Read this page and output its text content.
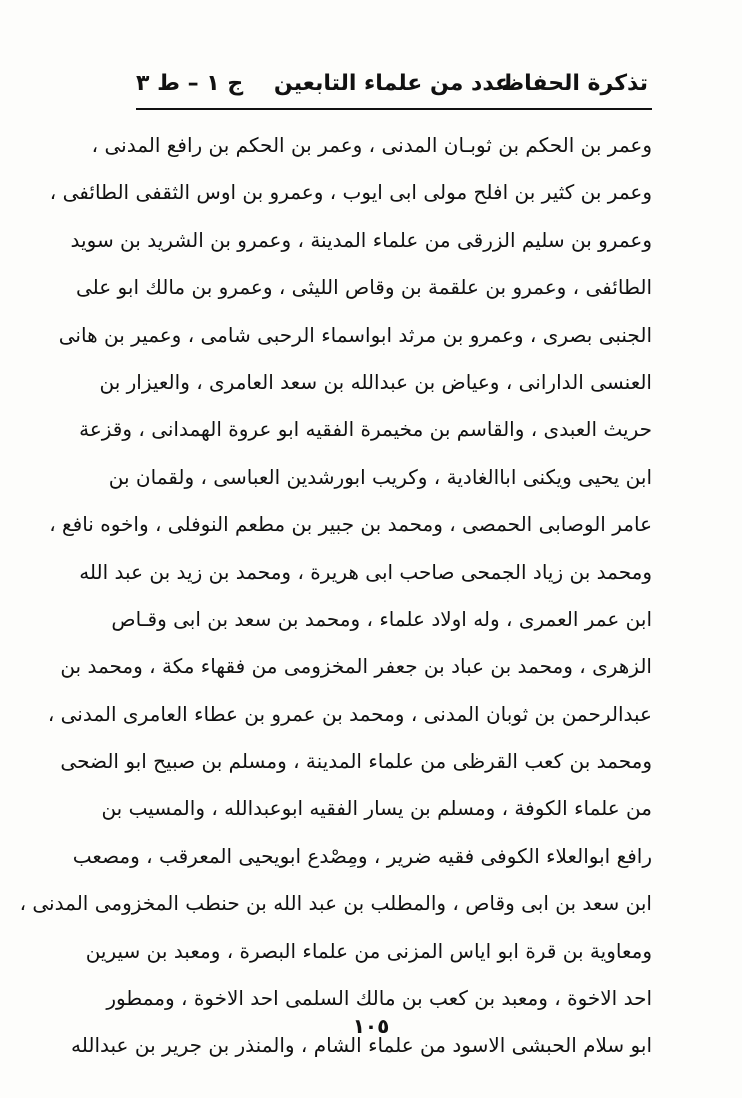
تذكرة الحفاظ
عدد من علماء التابعين
ج ١ – ط ٣
وعمر بن الحكم بن ثوبـان المدنى ، وعمر بن الحكم بن رافع المدنى ،
وعمر بن كثير بن افلح مولى ابى ايوب ، وعمرو بن اوس الثقفى الطائفى ،
وعمرو بن سليم الزرقى من علماء المدينة ، وعمرو بن الشريد بن سويد
الطائفى ، وعمرو بن علقمة بن وقاص الليثى ، وعمرو بن مالك ابو على
الجنبى بصرى ، وعمرو بن مرثد ابواسماء الرحبى شامى ، وعمير بن هانى
العنسى الدارانى ، وعياض بن عبدالله بن سعد العامرى ، والعيزار بن
حريث العبدى ، والقاسم بن مخيمرة الفقيه ابو عروة الهمدانى ، وقزعة
ابن يحيى ويكنى اباالغادية ، وكريب ابورشدين العباسى ، ولقمان بن
عامر الوصابى الحمصى ، ومحمد بن جبير بن مطعم النوفلى ، واخوه نافع ،
ومحمد بن زياد الجمحى صاحب ابى هريرة ، ومحمد بن زيد بن عبد الله
ابن عمر العمرى ، وله اولاد علماء ، ومحمد بن سعد بن ابى وقـاص
الزهرى ، ومحمد بن عباد بن جعفر المخزومى من فقهاء مكة ، ومحمد بن
عبدالرحمن بن ثوبان المدنى ، ومحمد بن عمرو بن عطاء العامرى المدنى ،
ومحمد بن كعب القرظى من علماء المدينة ، ومسلم بن صبيح ابو الضحى
من علماء الكوفة ، ومسلم بن يسار الفقيه ابوعبدالله ، والمسيب بن
رافع ابوالعلاء الكوفى فقيه ضرير ، ومِصْدع ابويحيى المعرقب ، ومصعب
ابن سعد بن ابى وقاص ، والمطلب بن عبد الله بن حنطب المخزومى المدنى ،
ومعاوية بن قرة ابو اياس المزنى من علماء البصرة ، ومعبد بن سيرين
احد الاخوة ، ومعبد بن كعب بن مالك السلمى احد الاخوة ، وممطور
ابو سلام الحبشى الاسود من علماء الشام ، والمنذر بن جرير بن عبدالله
١٠٥
